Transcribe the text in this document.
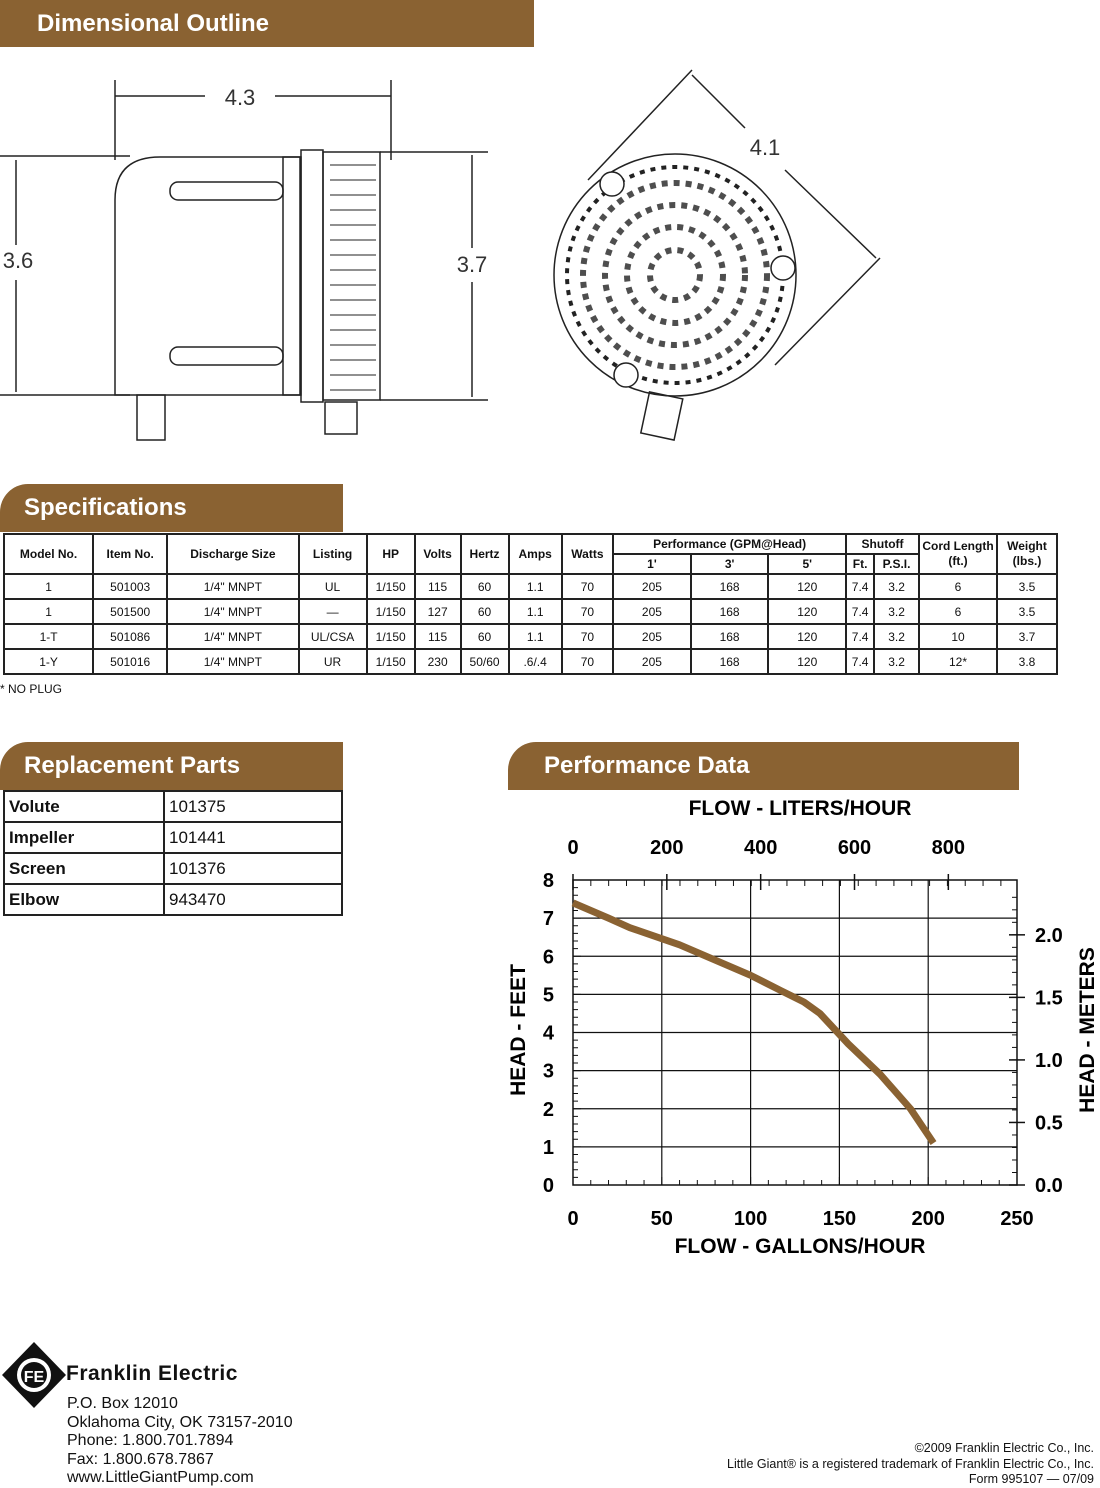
Dimensional Outline
4.3
3.6	3.7
4.1
Specifications
Model No.	Item No.	Discharge Size	Listing	HP	Volts	Hertz	Amps	Watts	Performance (GPM@Head)			Shutoff		Cord Length (ft.)	Weight (lbs.)
									1'	3'	5'	Ft.	P.S.I.		
1	501003	1/4" MNPT	UL	1/150	115	60	1.1	70	205	168	120	7.4	3.2	6	3.5
1	501500	1/4" MNPT	—	1/150	127	60	1.1	70	205	168	120	7.4	3.2	6	3.5
1-T	501086	1/4" MNPT	UL/CSA	1/150	115	60	1.1	70	205	168	120	7.4	3.2	10	3.7
1-Y	501016	1/4" MNPT	UR	1/150	230	50/60	.6/.4	70	205	168	120	7.4	3.2	12*	3.8
* NO PLUG
Replacement Parts
Volute	101375
Impeller	101441
Screen	101376
Elbow	943470
Performance Data
0	200	400	600	800
0.0
0.5
1.0
1.5
2.0
0	50	100	150	200	250
0
1
2
3
4
5
6
7
8
FLOW - LITERS/HOUR
FLOW - GALLONS/HOUR
HEAD - FEET	HEAD - METERS
FE Franklin Electric
P.O. Box 12010
Oklahoma City, OK 73157-2010
Phone: 1.800.701.7894
Fax: 1.800.678.7867
www.LittleGiantPump.com
©2009 Franklin Electric Co., Inc.
Little Giant® is a registered trademark of Franklin Electric Co., Inc.
Form 995107 — 07/09
